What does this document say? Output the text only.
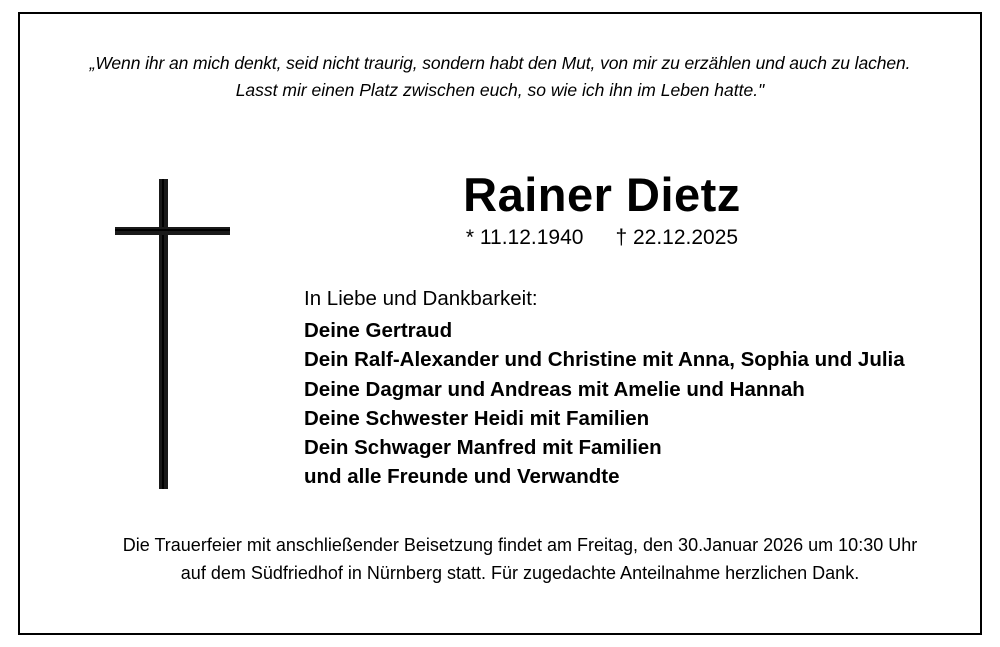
„Wenn ihr an mich denkt, seid nicht traurig, sondern habt den Mut, von mir zu erzählen und auch zu lachen.
Lasst mir einen Platz zwischen euch, so wie ich ihn im Leben hatte."
Rainer Dietz
* 11.12.1940 † 22.12.2025

In Liebe und Dankbarkeit:

Deine Gertraud

Dein Ralf-Alexander und Christine mit Anna, Sophia und Julia

Deine Dagmar und Andreas mit Amelie und Hannah

Deine Schwester Heidi mit Familien

Dein Schwager Manfred mit Familien

und alle Freunde und Verwandte

Die Trauerfeier mit anschließender Beisetzung findet am Freitag, den 30.Januar 2026 um 10:30 Uhr
auf dem Südfriedhof in Nürnberg statt. Für zugedachte Anteilnahme herzlichen Dank.
